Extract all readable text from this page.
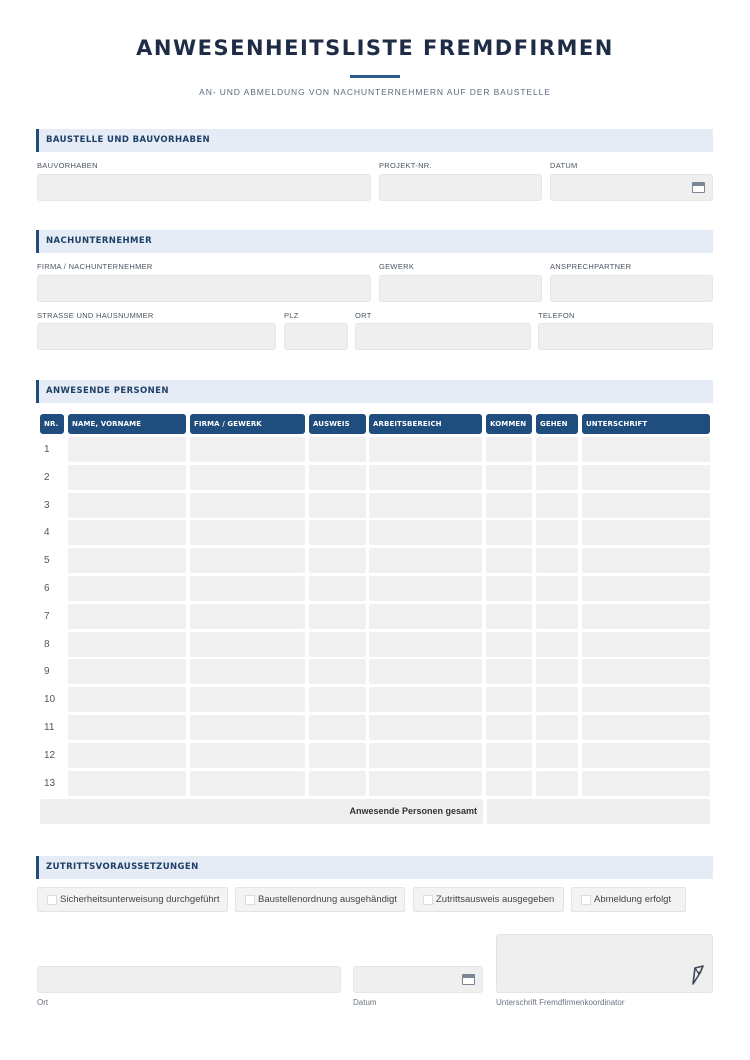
ANWESENHEITSLISTE FREMDFIRMEN
AN- UND ABMELDUNG VON NACHUNTERNEHMERN AUF DER BAUSTELLE
BAUSTELLE UND BAUVORHABEN
BAUVORHABEN	PROJEKT-NR.	DATUM
NACHUNTERNEHMER
FIRMA / NACHUNTERNEHMER	GEWERK	ANSPRECHPARTNER
STRASSE UND HAUSNUMMER	PLZ	ORT	TELEFON
ANWESENDE PERSONEN
NR.	NAME, VORNAME	FIRMA / GEWERK	AUSWEIS	ARBEITSBEREICH	KOMMEN	GEHEN	UNTERSCHRIFT
1
2
3
4
5
6
7
8
9
10
11
12
13
Anwesende Personen gesamt
ZUTRITTSVORAUSSETZUNGEN
Sicherheitsunterweisung durchgeführt	Baustellenordnung ausgehändigt	Zutrittsausweis ausgegeben	Abmeldung erfolgt
Ort	Datum	Unterschrift Fremdfirmenkoordinator
